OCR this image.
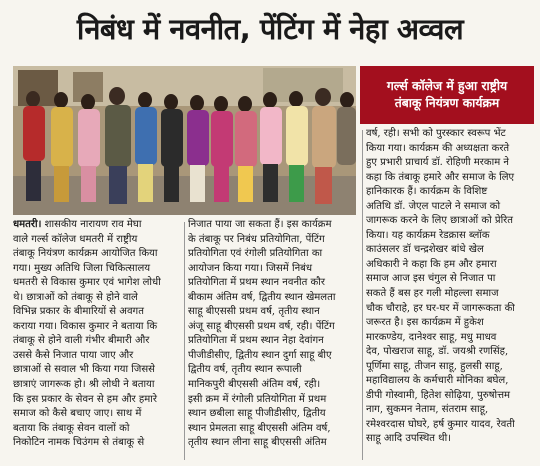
निबंध में नवनीत, पेंटिंग में नेहा अव्वल
गर्ल्स कॉलेज में हुआ राष्ट्रीय
तंबाकू नियंत्रण कार्यक्रम
धमतरी। शासकीय नारायण राव मेघा
वाले गर्ल्स कॉलेज धमतरी में राष्ट्रीय
तंबाकू नियंत्रण कार्यक्रम आयोजित किया
गया। मुख्य अतिथि जिला चिकित्सालय
धमतरी से विकास कुमार एवं भागेश लोधी
थे। छात्राओं को तंबाकू से होने वाले
विभिन्न प्रकार के बीमारियों से अवगत
कराया गया। विकास कुमार ने बताया कि
तंबाकू से होने वाली गंभीर बीमारी और
उससे कैसे निजात पाया जाए और
छात्राओं से सवाल भी किया गया जिससे
छात्राएं जागरूक हो। श्री लोधी ने बताया
कि इस प्रकार के सेवन से हम और हमारे
समाज को कैसे बचाए जाए। साथ में
बताया कि तंबाकू सेवन वालों को
निकोटिन नामक चिउंगम से तंबाकू से
निजात पाया जा सकता हैं। इस कार्यक्रम
के तंबाकू पर निबंध प्रतियोगिता, पेंटिंग
प्रतियोगिता एवं रंगोली प्रतियोगिता का
आयोजन किया गया। जिसमें निबंध
प्रतियोगिता में प्रथम स्थान नवनीत कौर
बीकाम अंतिम वर्ष, द्वितीय स्थान खेमलता
साहू बीएससी प्रथम वर्ष, तृतीय स्थान
अंजू साहू बीएससी प्रथम वर्ष, रही। पेंटिंग
प्रतियोगिता में प्रथम स्थान नेहा देवांगन
पीजीडीसीए, द्वितीय स्थान दुर्गा साहू बीए
द्वितीय वर्ष, तृतीय स्थान रूपाली
मानिकपुरी बीएससी अंतिम वर्ष, रही।
इसी क्रम में रंगोली प्रतियोगिता में प्रथम
स्थान छबीला साहू पीजीडीसीए, द्वितीय
स्थान प्रेमलता साहू बीएससी अंतिम वर्ष,
तृतीय स्थान लीना साहू बीएससी अंतिम
वर्ष, रही। सभी को पुरस्कार स्वरूप भेंट
किया गया। कार्यक्रम की अध्यक्षता करते
हुए प्रभारी प्राचार्य डॉ. रोहिणी मरकाम ने
कहा कि तंबाकू हमारे और समाज के लिए
हानिकारक हैं। कार्यक्रम के विशिष्ट
अतिथि डॉ. जेएल पाटले ने समाज को
जागरूक करने के लिए छात्राओं को प्रेरित
किया। यह कार्यक्रम रेडक्रास ब्लॉक
काउंसलर डॉ चन्द्रशेखर बांधे खेल
अधिकारी ने कहा कि हम और हमारा
समाज आज इस चंगुल से निजात पा
सकते हैं बस हर गली मोहल्ला समाज
चौक चौराहे, हर घर-घर में जागरूकता की
जरूरत है। इस कार्यक्रम में हुकेश
मारकण्डेय, दानेश्वर साहू, मधु माधव
देव, पोखराज साहू, डॉ. जयश्री रणसिंह,
पूर्णिमा साहू, तीजन साहू, हुलसी साहू,
महाविद्यालय के कर्मचारी मोनिका बघेल,
डीपी गोस्वामी, हितेश सोढ़िया, पुरुषोत्तम
नाग, सुकमन नेताम, संतराम साहू,
रमेश्वरदास घोघरे, हर्ष कुमार यादव, रेवती
साहू आदि उपस्थित थी।
